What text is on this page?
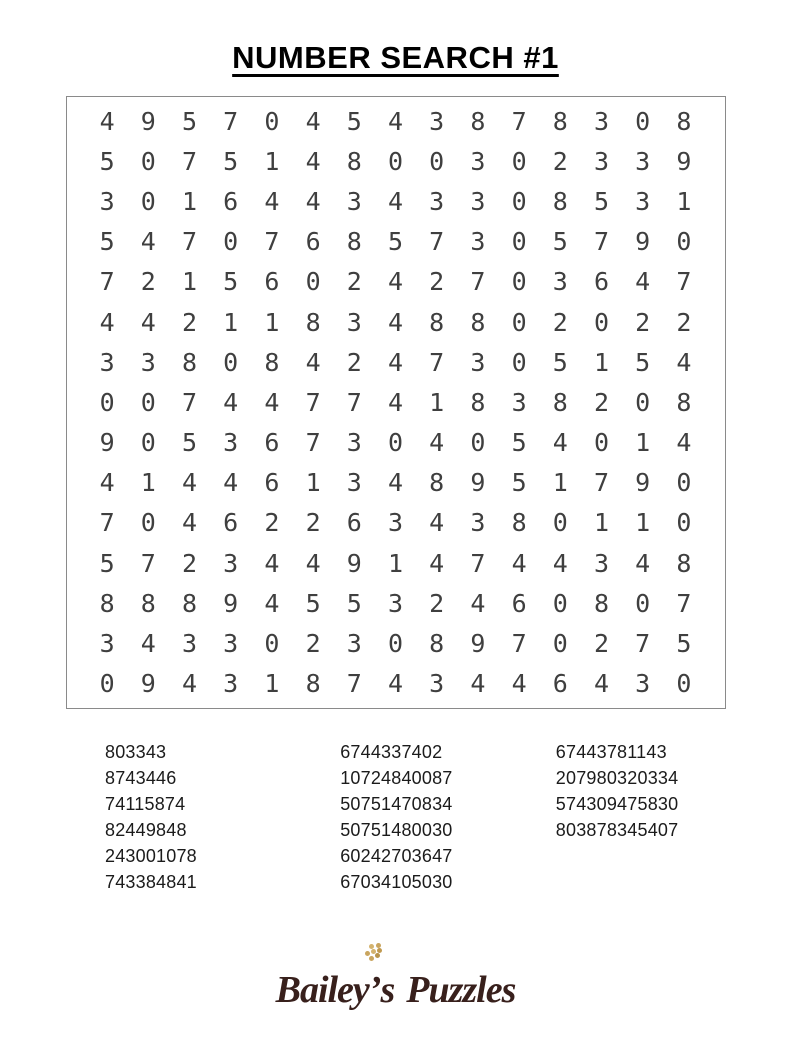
NUMBER SEARCH #1
4	9	5	7	0	4	5	4	3	8	7	8	3	0	8
5	0	7	5	1	4	8	0	0	3	0	2	3	3	9
3	0	1	6	4	4	3	4	3	3	0	8	5	3	1
5	4	7	0	7	6	8	5	7	3	0	5	7	9	0
7	2	1	5	6	0	2	4	2	7	0	3	6	4	7
4	4	2	1	1	8	3	4	8	8	0	2	0	2	2
3	3	8	0	8	4	2	4	7	3	0	5	1	5	4
0	0	7	4	4	7	7	4	1	8	3	8	2	0	8
9	0	5	3	6	7	3	0	4	0	5	4	0	1	4
4	1	4	4	6	1	3	4	8	9	5	1	7	9	0
7	0	4	6	2	2	6	3	4	3	8	0	1	1	0
5	7	2	3	4	4	9	1	4	7	4	4	3	4	8
8	8	8	9	4	5	5	3	2	4	6	0	8	0	7
3	4	3	3	0	2	3	0	8	9	7	0	2	7	5
0	9	4	3	1	8	7	4	3	4	4	6	4	3	0
803343
8743446
74115874
82449848
243001078
743384841
6744337402
10724840087
50751470834
50751480030
60242703647
67034105030
67443781143
207980320334
574309475830
803878345407
Bailey
’s Puzzles
